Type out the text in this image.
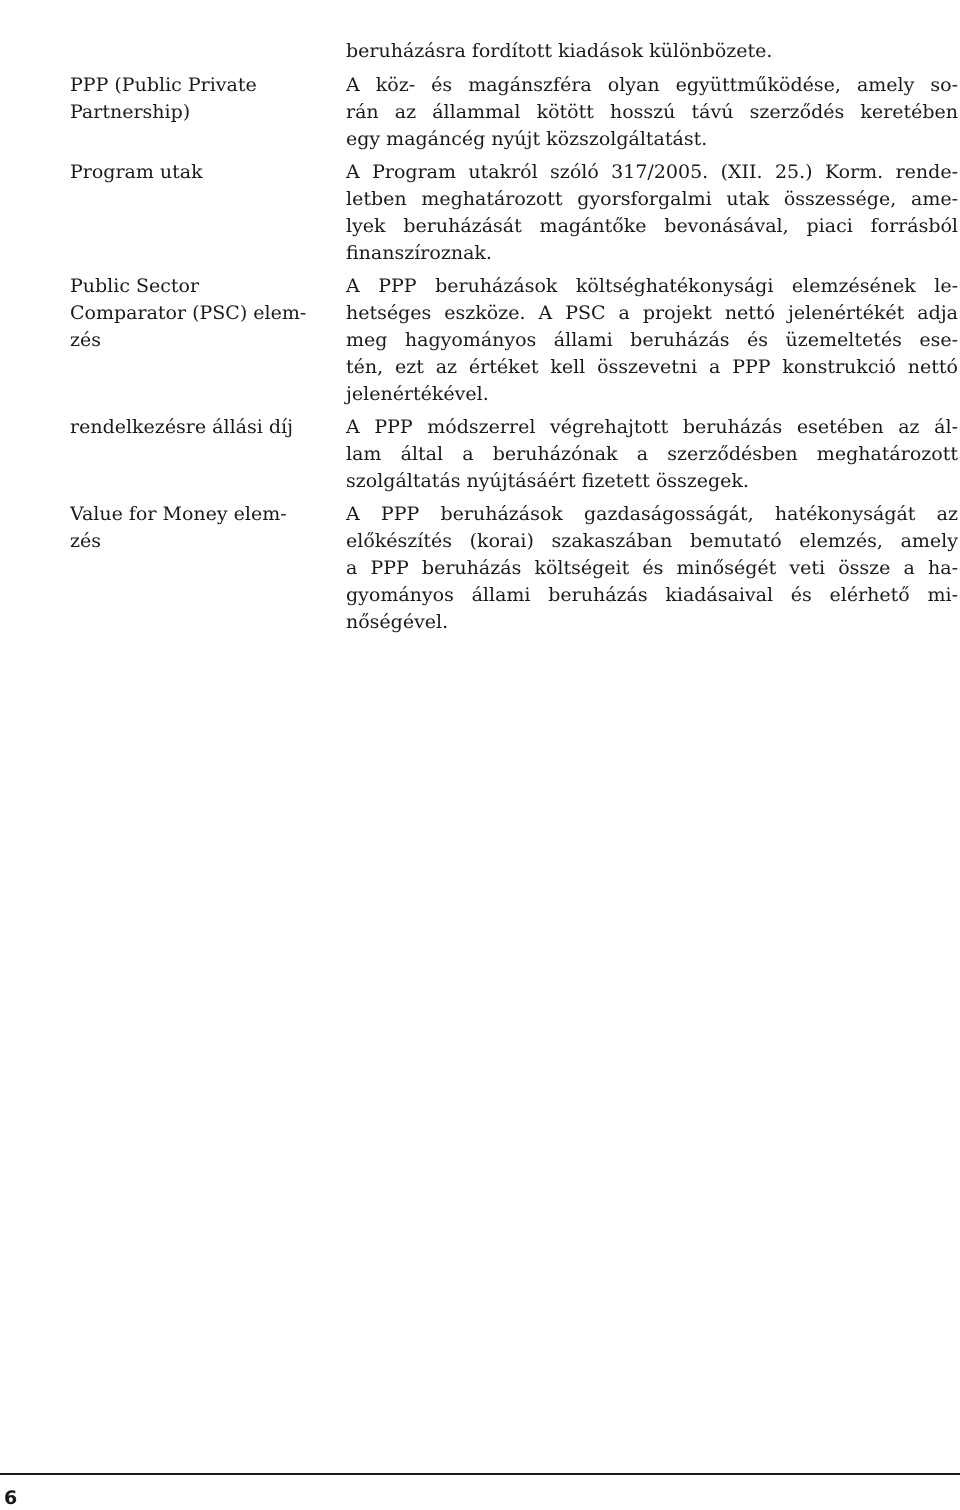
beruházásra fordított kiadások különbözete.
PPP (Public Private
Partnership)
A köz- és magánszféra olyan együttműködése, amely so-
rán az állammal kötött hosszú távú szerződés keretében
egy magáncég nyújt közszolgáltatást.
Program utak	A Program utakról szóló 317/2005. (XII. 25.) Korm. rende-
letben meghatározott gyorsforgalmi utak összessége, ame-
lyek beruházását magántőke bevonásával, piaci forrásból
finanszíroznak.
Public Sector
Comparator (PSC) elem-
zés
A PPP beruházások költséghatékonysági elemzésének le-
hetséges eszköze. A PSC a projekt nettó jelenértékét adja
meg hagyományos állami beruházás és üzemeltetés ese-
tén, ezt az értéket kell összevetni a PPP konstrukció nettó
jelenértékével.
rendelkezésre állási díj	A PPP módszerrel végrehajtott beruházás esetében az ál-
lam által a beruházónak a szerződésben meghatározott
szolgáltatás nyújtásáért fizetett összegek.
Value for Money elem-
zés
A PPP beruházások gazdaságosságát, hatékonyságát az
előkészítés (korai) szakaszában bemutató elemzés, amely
a PPP beruházás költségeit és minőségét veti össze a ha-
gyományos állami beruházás kiadásaival és elérhető mi-
nőségével.
6
